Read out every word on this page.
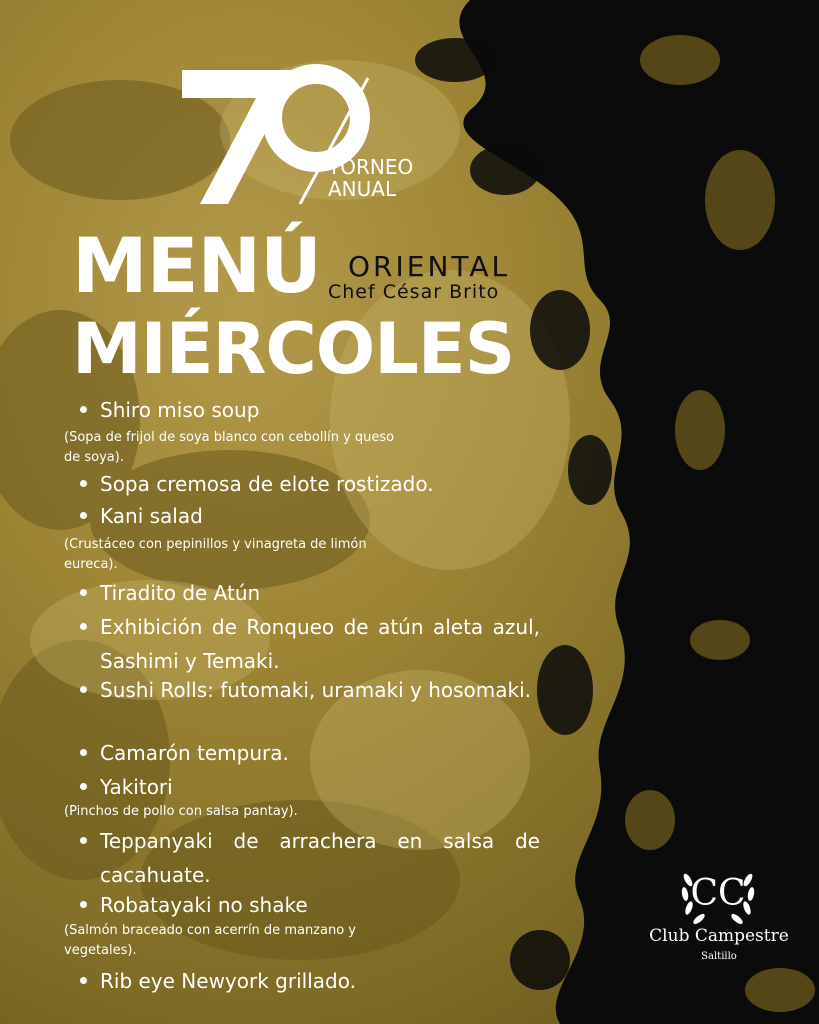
TORNEO
ANUAL
MENÚ ORIENTAL
Chef César Brito
MIÉRCOLES

Shiro miso soup

(Sopa de frijol de soya blanco con cebollín y queso de soya).

Sopa cremosa de elote rostizado.

Kani salad

(Crustáceo con pepinillos y vinagreta de limón eureca).

Tiradito de Atún

Exhibición de Ronqueo de atún aleta azul, Sashimi y Temaki.

Sushi Rolls: futomaki, uramaki y hosomaki.

Camarón tempura.

Yakitori

(Pinchos de pollo con salsa pantay).

Teppanyaki de arrachera en salsa de cacahuate.

Robatayaki no shake

(Salmón braceado con acerrín de manzano y vegetales).

Rib eye Newyork grillado.

CC
Club Campestre
Saltillo
